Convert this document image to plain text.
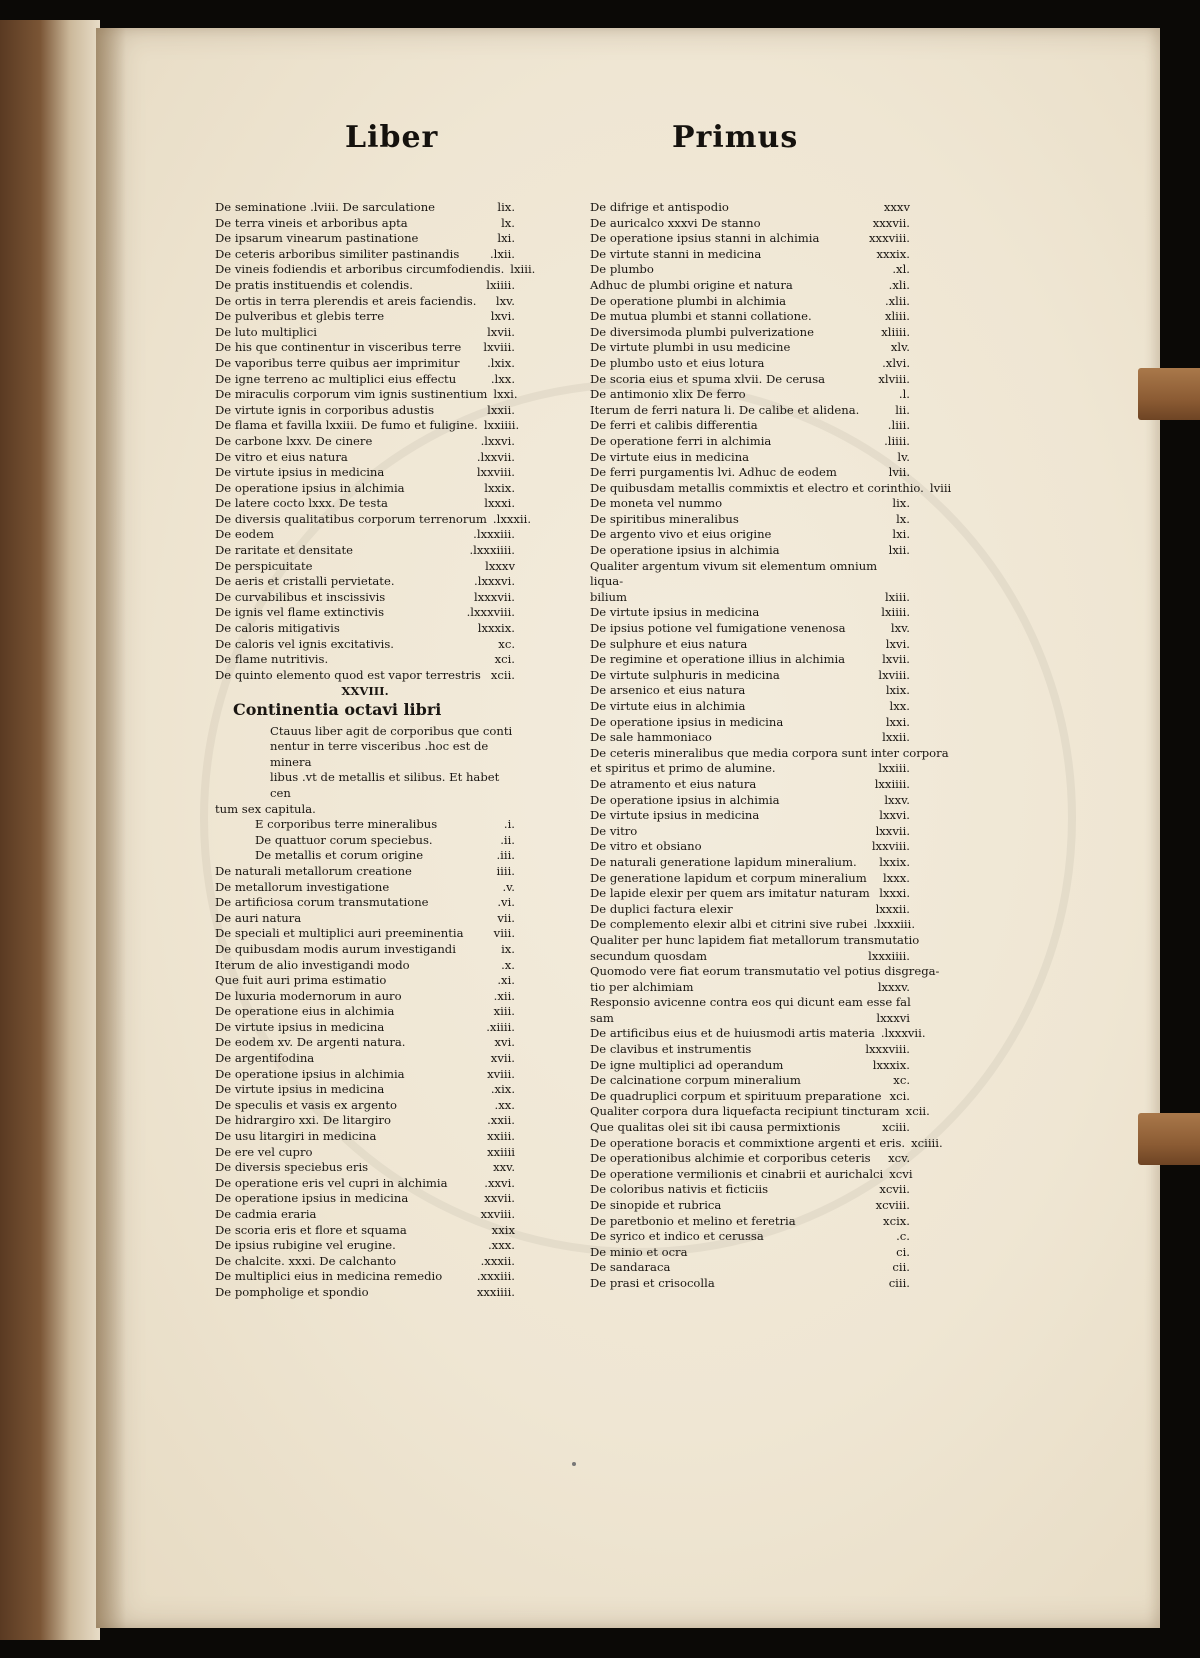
Liber	Primus
De seminatione .lviii. De sarculatione	lix.
De terra vineis et arboribus apta	lx.
De ipsarum vinearum pastinatione	lxi.
De ceteris arboribus similiter pastinandis	.lxii.
De vineis fodiendis et arboribus circumfodiendis. lxiii.
De pratis instituendis et colendis.	lxiiii.
De ortis in terra plerendis et areis faciendis.	lxv.
De pulveribus et glebis terre	lxvi.
De luto multiplici	lxvii.
De his que continentur in visceribus terre	lxviii.
De vaporibus terre quibus aer imprimitur	.lxix.
De igne terreno ac multiplici eius effectu	.lxx.
De miraculis corporum vim ignis sustinentium lxxi.
De virtute ignis in corporibus adustis	lxxii.
De flama et favilla lxxiii. De fumo et fuligine. lxxiiii.
De carbone lxxv. De cinere	.lxxvi.
De vitro et eius natura	.lxxvii.
De virtute ipsius in medicina	lxxviii.
De operatione ipsius in alchimia	lxxix.
De latere cocto lxxx. De testa	lxxxi.
De diversis qualitatibus corporum terrenorum .lxxxii.
De eodem	.lxxxiii.
De raritate et densitate	.lxxxiiii.
De perspicuitate	lxxxv
De aeris et cristalli pervietate.	.lxxxvi.
De curvabilibus et inscissivis	lxxxvii.
De ignis vel flame extinctivis	.lxxxviii.
De caloris mitigativis	lxxxix.
De caloris vel ignis excitativis.	xc.
De flame nutritivis.	xci.
De quinto elemento quod est vapor terrestris xcii.
XXVIII.
Continentia octavi libri

Ctauus liber agit de corporibus que conti

nentur in terre visceribus .hoc est de minera

libus .vt de metallis et silibus. Et habet cen

tum sex capitula.
E corporibus terre mineralibus	.i.
De quattuor corum speciebus.	.ii.
De metallis et corum origine	.iii.
De naturali metallorum creatione	iiii.
De metallorum investigatione	.v.
De artificiosa corum transmutatione	.vi.
De auri natura	vii.
De speciali et multiplici auri preeminentia	viii.
De quibusdam modis aurum investigandi	ix.
Iterum de alio investigandi modo	.x.
Que fuit auri prima estimatio	.xi.
De luxuria modernorum in auro	.xii.
De operatione eius in alchimia	xiii.
De virtute ipsius in medicina	.xiiii.
De eodem xv. De argenti natura.	xvi.
De argentifodina	xvii.
De operatione ipsius in alchimia	xviii.
De virtute ipsius in medicina	.xix.
De speculis et vasis ex argento	.xx.
De hidrargiro xxi. De litargiro	.xxii.
De usu litargiri in medicina	xxiii.
De ere vel cupro	xxiiii
De diversis speciebus eris	xxv.
De operatione eris vel cupri in alchimia	.xxvi.
De operatione ipsius in medicina	xxvii.
De cadmia eraria	xxviii.
De scoria eris et flore et squama	xxix
De ipsius rubigine vel erugine.	.xxx.
De chalcite. xxxi. De calchanto	.xxxii.
De multiplici eius in medicina remedio	.xxxiii.
De pompholige et spondio	xxxiiii.
De difrige et antispodio	xxxv
De auricalco xxxvi De stanno	xxxvii.
De operatione ipsius stanni in alchimia	xxxviii.
De virtute stanni in medicina	xxxix.
De plumbo	.xl.
Adhuc de plumbi origine et natura	.xli.
De operatione plumbi in alchimia	.xlii.
De mutua plumbi et stanni collatione.	xliii.
De diversimoda plumbi pulverizatione	xliiii.
De virtute plumbi in usu medicine	xlv.
De plumbo usto et eius lotura	.xlvi.
De scoria eius et spuma xlvii. De cerusa	xlviii.
De antimonio xlix De ferro	.l.
Iterum de ferri natura li. De calibe et alidena.	lii.
De ferri et calibis differentia	.liii.
De operatione ferri in alchimia	.liiii.
De virtute eius in medicina	lv.
De ferri purgamentis lvi. Adhuc de eodem	lvii.
De quibusdam metallis commixtis et electro et corinthio. lviii
De moneta vel nummo	lix.
De spiritibus mineralibus	lx.
De argento vivo et eius origine	lxi.
De operatione ipsius in alchimia	lxii.

Qualiter argentum vivum sit elementum omnium liqua-

bilium	lxiii.
De virtute ipsius in medicina	lxiiii.
De ipsius potione vel fumigatione venenosa	lxv.
De sulphure et eius natura	lxvi.
De regimine et operatione illius in alchimia	lxvii.
De virtute sulphuris in medicina	lxviii.
De arsenico et eius natura	lxix.
De virtute eius in alchimia	lxx.
De operatione ipsius in medicina	lxxi.
De sale hammoniaco	lxxii.
De ceteris mineralibus que media corpora sunt inter corpora
et spiritus et primo de alumine.	lxxiii.
De atramento et eius natura	lxxiiii.
De operatione ipsius in alchimia	lxxv.
De virtute ipsius in medicina	lxxvi.
De vitro	lxxvii.
De vitro et obsiano	lxxviii.
De naturali generatione lapidum mineralium.	lxxix.
De generatione lapidum et corpum mineralium	lxxx.
De lapide elexir per quem ars imitatur naturam lxxxi.
De duplici factura elexir	lxxxii.
De complemento elexir albi et citrini sive rubei .lxxxiii.
Qualiter per hunc lapidem fiat metallorum transmutatio
secundum quosdam	lxxxiiii.
Quomodo vere fiat eorum transmutatio vel potius disgrega-
tio per alchimiam	lxxxv.
Responsio avicenne contra eos qui dicunt eam esse fal
sam	lxxxvi
De artificibus eius et de huiusmodi artis materia .lxxxvii.
De clavibus et instrumentis	lxxxviii.
De igne multiplici ad operandum	lxxxix.
De calcinatione corpum mineralium	xc.
De quadruplici corpum et spirituum preparatione xci.
Qualiter corpora dura liquefacta recipiunt tincturam xcii.
Que qualitas olei sit ibi causa permixtionis	xciii.
De operatione boracis et commixtione argenti et eris. xciiii.
De operationibus alchimie et corporibus ceteris	xcv.
De operatione vermilionis et cinabrii et aurichalci xcvi
De coloribus nativis et ficticiis	xcvii.
De sinopide et rubrica	xcviii.
De paretbonio et melino et feretria	xcix.
De syrico et indico et cerussa	.c.
De minio et ocra	ci.
De sandaraca	cii.
De prasi et crisocolla	ciii.
